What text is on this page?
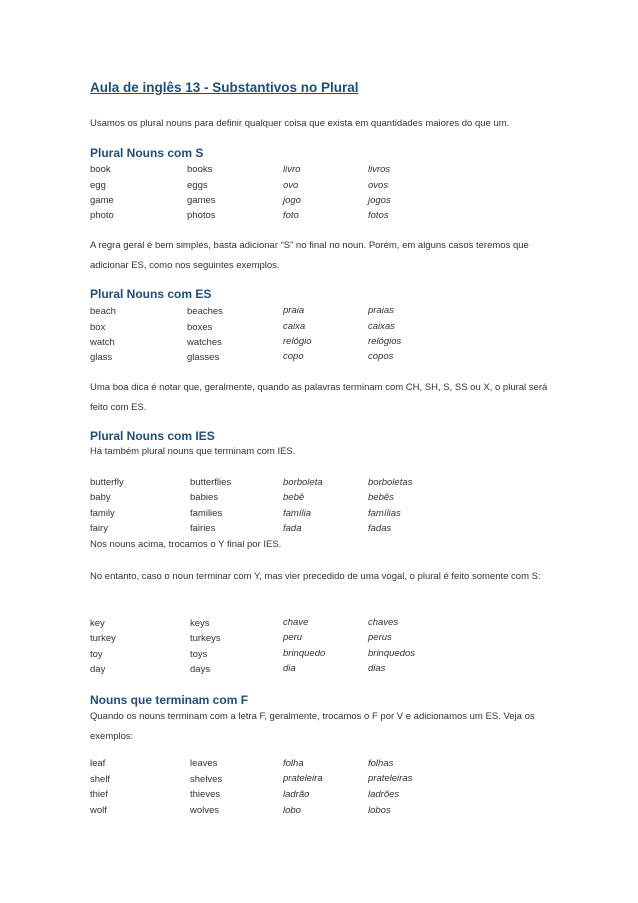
Aula de inglês 13 - Substantivos no Plural
Usamos os plural nouns para definir qualquer coisa que exista em quantidades maiores do que um.
Plural Nouns com S
book	books	livro	livros
egg	eggs	ovo	ovos
game	games	jogo	jogos
photo	photos	foto	fotos
A regra geral é bem simples, basta adicionar “S” no final no noun. Porém, em alguns casos teremos que adicionar ES, como nos seguintes exemplos.
Plural Nouns com ES
beach	beaches	praia	praias
box	boxes	caixa	caixas
watch	watches	relógio	relógios
glass	glasses	copo	copos
Uma boa dica é notar que, geralmente, quando as palavras terminam com CH, SH, S, SS ou X, o plural será feito com ES.
Plural Nouns com IES
Há também plural nouns que terminam com IES.
butterfly	butterflies	borboleta	borboletas
baby	babies	bebê	bebês
family	families	família	famílias
fairy	fairies	fada	fadas
Nos nouns acima, trocamos o Y final por IES.
No entanto, caso o noun terminar com Y, mas vier precedido de uma vogal, o plural é feito somente com S:
key	keys	chave	chaves
turkey	turkeys	peru	perus
toy	toys	brinquedo	brinquedos
day	days	dia	dias
Nouns que terminam com F
Quando os nouns terminam com a letra F, geralmente, trocamos o F por V e adicionamos um ES. Veja os exemplos:
leaf	leaves	folha	folhas
shelf	shelves	prateleira	prateleiras
thief	thieves	ladrão	ladrões
wolf	wolves	lobo	lobos
